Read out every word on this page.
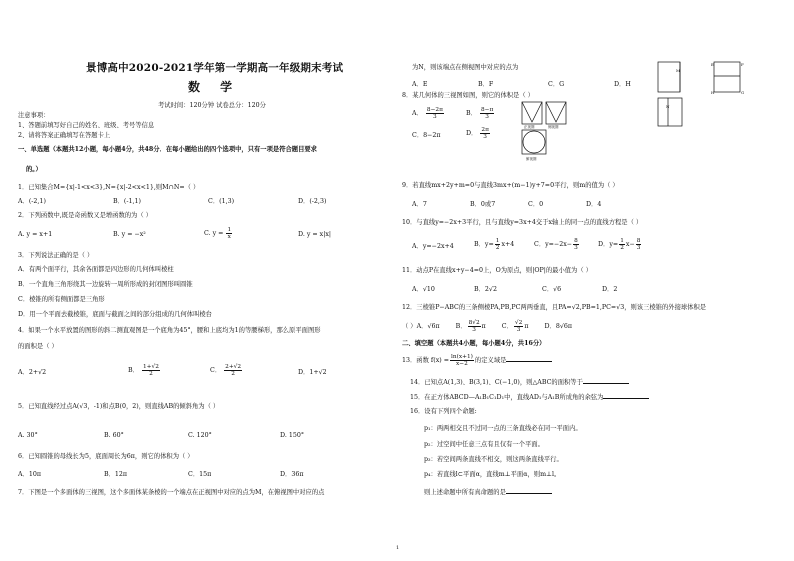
景博高中2020-2021学年第一学期高一年级期末考试
数 学
考试时间：120分钟 试卷总分：120分
注意事项：
1、答题前填写好自己的姓名、班级、考号等信息
2、请将答案正确填写在答题卡上
一、单选题（本题共12小题，每小题4分，共48分．在每小题给出的四个选项中，只有一项是符合题目要求
的。）
1．已知集合M={x|-1<x<3},N={x|-2<x<1},则M∩N=（ ）
A．(-2,1)	B．(-1,1)	C．(1,3)	D．(-2,3)
2．下列函数中,既是奇函数又是增函数的为（ ）
A. y = x+1	B. y = −x²	C. $y = \frac{1}{x}$	D. y = x|x|
3．下列说法正确的是（ ）
A．有两个面平行，其余各面都是四边形的几何体叫棱柱
B．一个直角三角形绕其一边旋转一周所形成的封闭图形叫圆锥
C．棱锥的所有侧面都是三角形
D．用一个平面去截棱锥，底面与截面之间的部分组成的几何体叫棱台
4．如果一个水平放置的图形的斜二测直观图是一个底角为45°，腰和上底均为1的等腰梯形，那么原平面图形
的面积是（ ）
A．2+√2	B． $\frac{1+√2}{2}$	C． $\frac{2+√2}{2}$	D．1+√2
5．已知直线经过点A(√3，-1)和点B(0，2)，则直线AB的倾斜角为（ ）
A. 30°	B. 60°	C. 120°	D. 150°
6．已知圆锥的母线长为5，底面周长为6π，则它的体积为（ ）
A．10π	B．12π	C．15π	D．36π
7．下图是一个多面体的三视图，这个多面体某条棱的一个端点在正视图中对应的点为M，在俯视图中对应的点
为N，则该端点在侧视图中对应的点为
A．E	B．F	C．G	D．H
M
N
E	F
H	G
8．某几何体的三视图如图，则它的体积是（ ）
A． $\frac{8-2\pi}{3}$	B． $\frac{8-\pi}{3}$
C．8−2π	D． $\frac{2\pi}{3}$	正视图	侧视图
俯视图
9．若直线mx+2y+m=0与直线3mx+(m−1)y+7=0平行，则m的值为（ ）
A．7	B．0或7	C．0	D．4
10．与直线y=−2x+3平行，且与直线y=3x+4交于x轴上的同一点的直线方程是（ ）
A．y=−2x+4	B．$y= \frac{1}{2} x+4$	C．$y=-2x- \frac{8}{3}$	D．$y= \frac{1}{2} x- \frac{8}{3}$
11．动点P在直线x+y−4=0上，O为原点，则|OP|的最小值为（ ）
A．√10	B．2√2	C．√6	D．2
12．三棱锥P−ABC的三条侧棱PA,PB,PC两两垂直，且PA=√2,PB=1,PC=√3，则该三棱锥的外接球体积是
（ ）A．√6π	B． $\frac{8√2}{3}$ π	C． $\frac{√2}{3}$ π	D．8√6π
二、填空题（本题共4小题，每小题4分，共16分）
13．函数 $f(x) = \frac{\ln(x+1)}{x-2}$ 的定义域是
14．已知点A(1,3)、B(3,1)、C(−1,0)，则△ABC的面积等于
15．在正方体ABCD—A₁B₁C₁D₁中，直线AD₁与A₁B所成角的余弦为
16．设有下列四个命题:
p₁：两两相交且不过同一点的三条直线必在同一平面内。
p₂：过空间中任意三点有且仅有一个平面。
p₃：若空间两条直线不相交，则这两条直线平行。
p₄：若直线l⊂平面α，直线m⊥平面α，则m⊥l。
则上述命题中所有真命题的是
1
